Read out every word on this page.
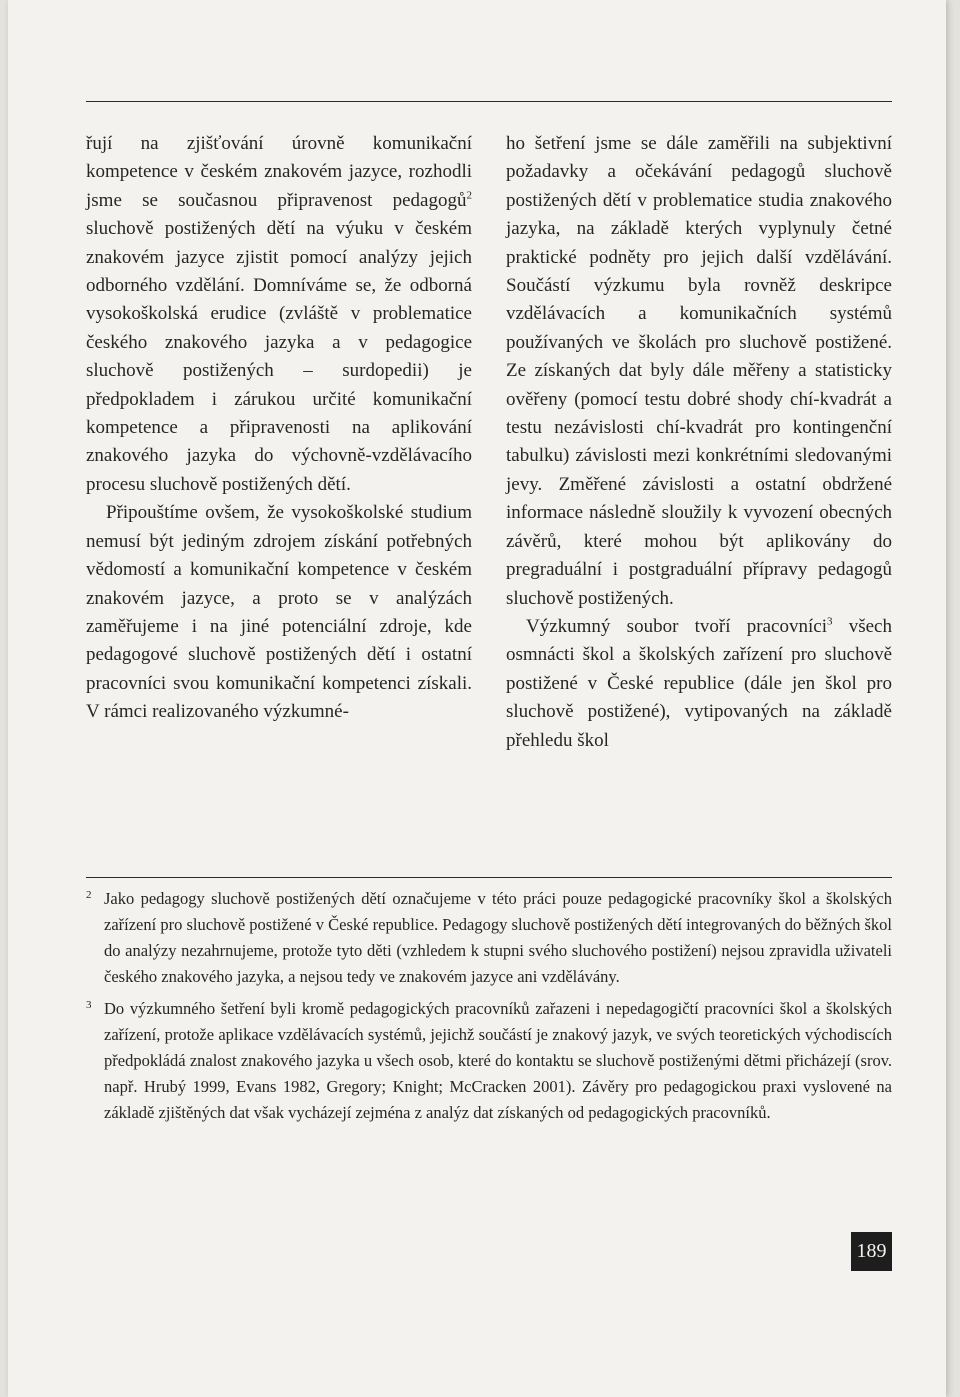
řují na zjišťování úrovně komunikační kompetence v českém znakovém jazyce, rozhodli jsme se současnou připravenost pedagogů$^2$ sluchově postižených dětí na výuku v českém znakovém jazyce zjistit pomocí analýzy jejich odborného vzdělání. Domníváme se, že odborná vysokoškolská erudice (zvláště v problematice českého znakového jazyka a v pedagogice sluchově postižených – surdopedii) je předpokladem i zárukou určité komunikační kompetence a připravenosti na aplikování znakového jazyka do výchovně-vzdělávacího procesu sluchově postižených dětí.

Připouštíme ovšem, že vysokoškolské studium nemusí být jediným zdrojem získání potřebných vědomostí a komunikační kompetence v českém znakovém jazyce, a proto se v analýzách zaměřujeme i na jiné potenciální zdroje, kde pedagogové sluchově postižených dětí i ostatní pracovníci svou komunikační kompetenci získali. V rámci realizovaného výzkumné-

ho šetření jsme se dále zaměřili na subjektivní požadavky a očekávání pedagogů sluchově postižených dětí v problematice studia znakového jazyka, na základě kterých vyplynuly četné praktické podněty pro jejich další vzdělávání. Součástí výzkumu byla rovněž deskripce vzdělávacích a komunikačních systémů používaných ve školách pro sluchově postižené. Ze získaných dat byly dále měřeny a statisticky ověřeny (pomocí testu dobré shody chí-kvadrát a testu nezávislosti chí-kvadrát pro kontingenční tabulku) závislosti mezi konkrétními sledovanými jevy. Změřené závislosti a ostatní obdržené informace následně sloužily k vyvození obecných závěrů, které mohou být aplikovány do pregraduální i postgraduální přípravy pedagogů sluchově postižených.

Výzkumný soubor tvoří pracovníci$^3$ všech osmnácti škol a školských zařízení pro sluchově postižené v České republice (dále jen škol pro sluchově postižené), vytipovaných na základě přehledu škol

2 Jako pedagogy sluchově postižených dětí označujeme v této práci pouze pedagogické pracovníky škol a školských zařízení pro sluchově postižené v České republice. Pedagogy sluchově postižených dětí integrovaných do běžných škol do analýzy nezahrnujeme, protože tyto děti (vzhledem k stupni svého sluchového postižení) nejsou zpravidla uživateli českého znakového jazyka, a nejsou tedy ve znakovém jazyce ani vzdělávány.
3 Do výzkumného šetření byli kromě pedagogických pracovníků zařazeni i nepedagogičtí pracovníci škol a školských zařízení, protože aplikace vzdělávacích systémů, jejichž součástí je znakový jazyk, ve svých teoretických východiscích předpokládá znalost znakového jazyka u všech osob, které do kontaktu se sluchově postiženými dětmi přicházejí (srov. např. Hrubý 1999, Evans 1982, Gregory; Knight; McCracken 2001). Závěry pro pedagogickou praxi vyslovené na základě zjištěných dat však vycházejí zejména z analýz dat získaných od pedagogických pracovníků.
189
